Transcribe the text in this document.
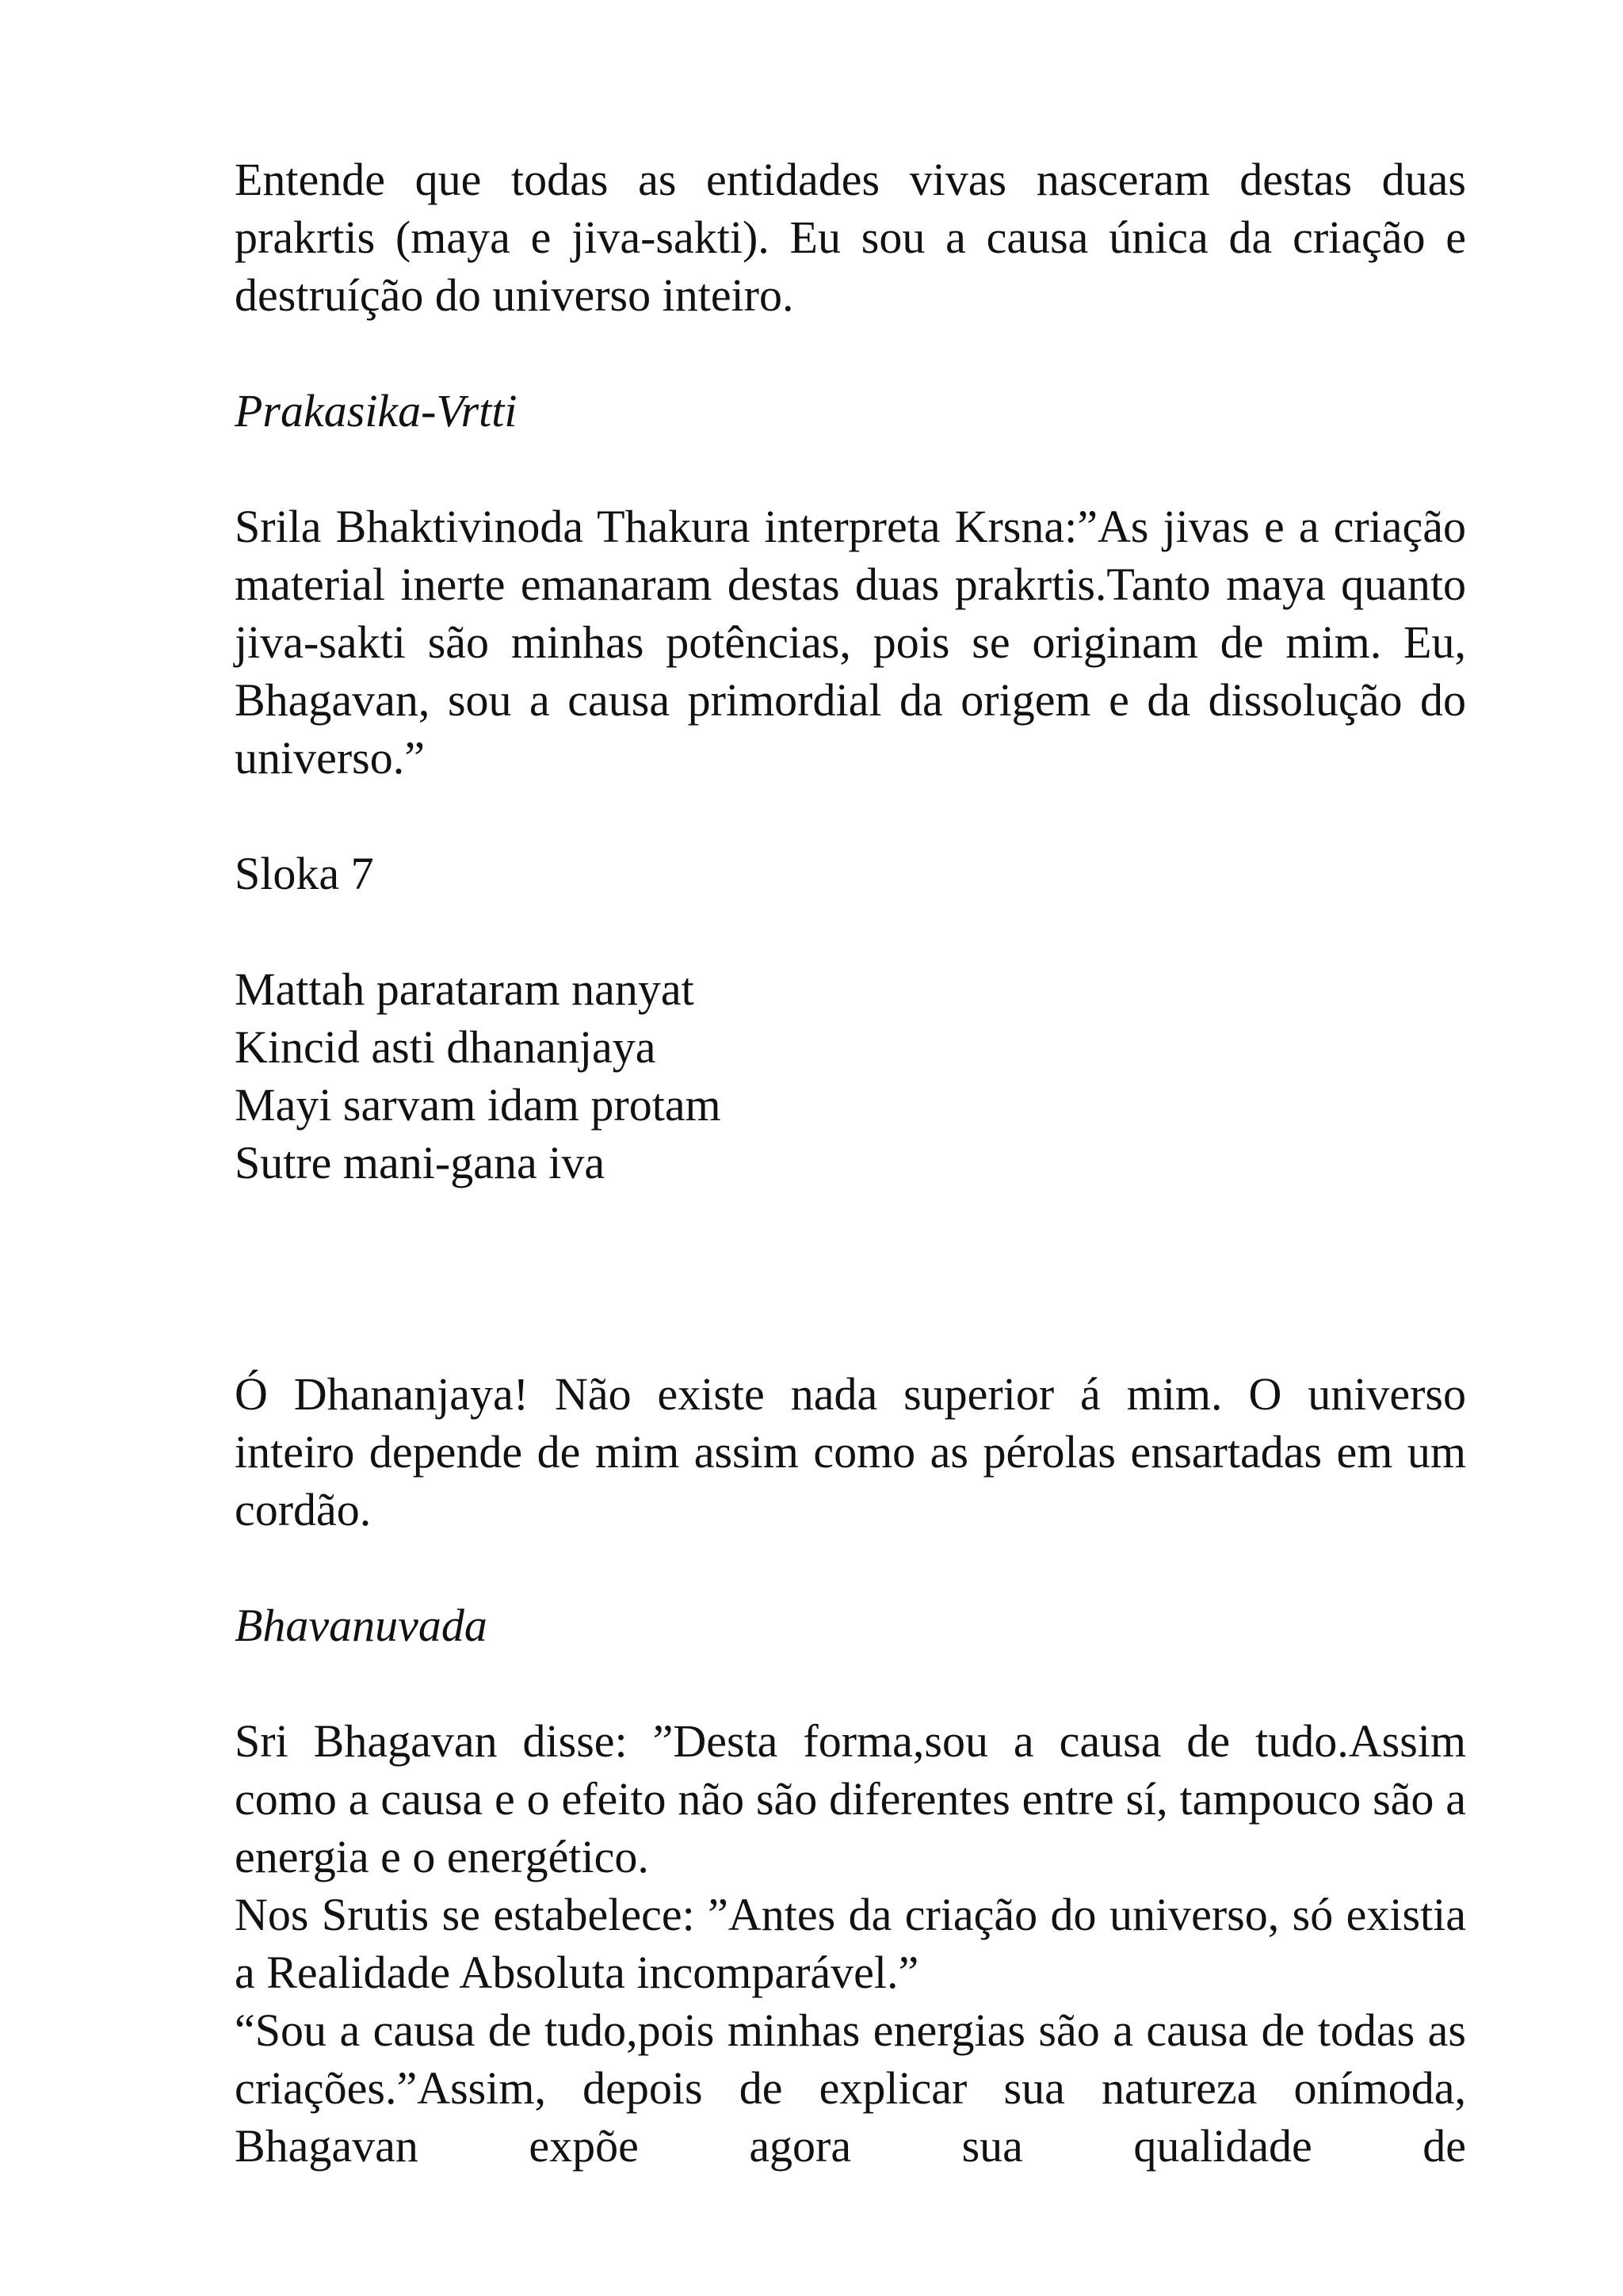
Entende que todas as entidades vivas nasceram destas duas prakrtis (maya e jiva-sakti). Eu sou a causa única da criação e destruíção do universo inteiro.

Prakasika-Vrtti

Srila Bhaktivinoda Thakura interpreta Krsna:”As jivas e a criação material inerte emanaram destas duas prakrtis.Tanto maya quanto jiva-sakti são minhas potências, pois se originam de mim. Eu, Bhagavan, sou a causa primordial da origem e da dissolução do universo.”

Sloka 7

Mattah parataram nanyat
Kincid asti dhananjaya
Mayi sarvam idam protam
Sutre mani-gana iva

Ó Dhananjaya! Não existe nada superior á mim. O universo inteiro depende de mim assim como as pérolas ensartadas em um cordão.

Bhavanuvada

Sri Bhagavan disse: ”Desta forma,sou a causa de tudo.Assim como a causa e o efeito não são diferentes entre sí, tampouco são a energia e o energético.

Nos Srutis se estabelece: ”Antes da criação do universo, só existia a Realidade Absoluta incomparável.”

“Sou a causa de tudo,pois minhas energias são a causa de todas as criações.”Assim, depois de explicar sua natureza onímoda, Bhagavan expõe agora sua qualidade de
